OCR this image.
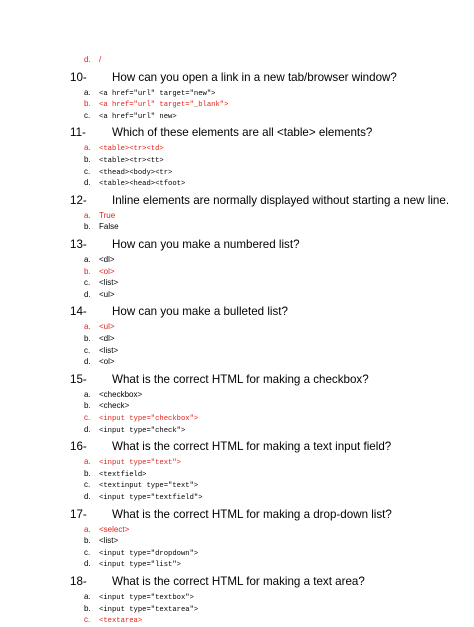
d. /
10- How can you open a link in a new tab/browser window?
a. <a href="url" target="new">
b. <a href="url" target="_blank">
c. <a href="url" new>
11- Which of these elements are all <table> elements?
a. <table><tr><td>
b. <table><tr><tt>
c. <thead><body><tr>
d. <table><head><tfoot>
12- Inline elements are normally displayed without starting a new line.
a. True
b. False
13- How can you make a numbered list?
a. <dl>
b. <ol>
c. <list>
d. <ul>
14- How can you make a bulleted list?
a. <ul>
b. <dl>
c. <list>
d. <ol>
15- What is the correct HTML for making a checkbox?
a. <checkbox>
b. <check>
c. <input type="checkbox">
d. <input type="check">
16- What is the correct HTML for making a text input field?
a. <input type="text">
b. <textfield>
c. <textinput type="text">
d. <input type="textfield">
17- What is the correct HTML for making a drop-down list?
a. <select>
b. <list>
c. <input type="dropdown">
d. <input type="list">
18- What is the correct HTML for making a text area?
a. <input type="textbox">
b. <input type="textarea">
c. <textarea>
